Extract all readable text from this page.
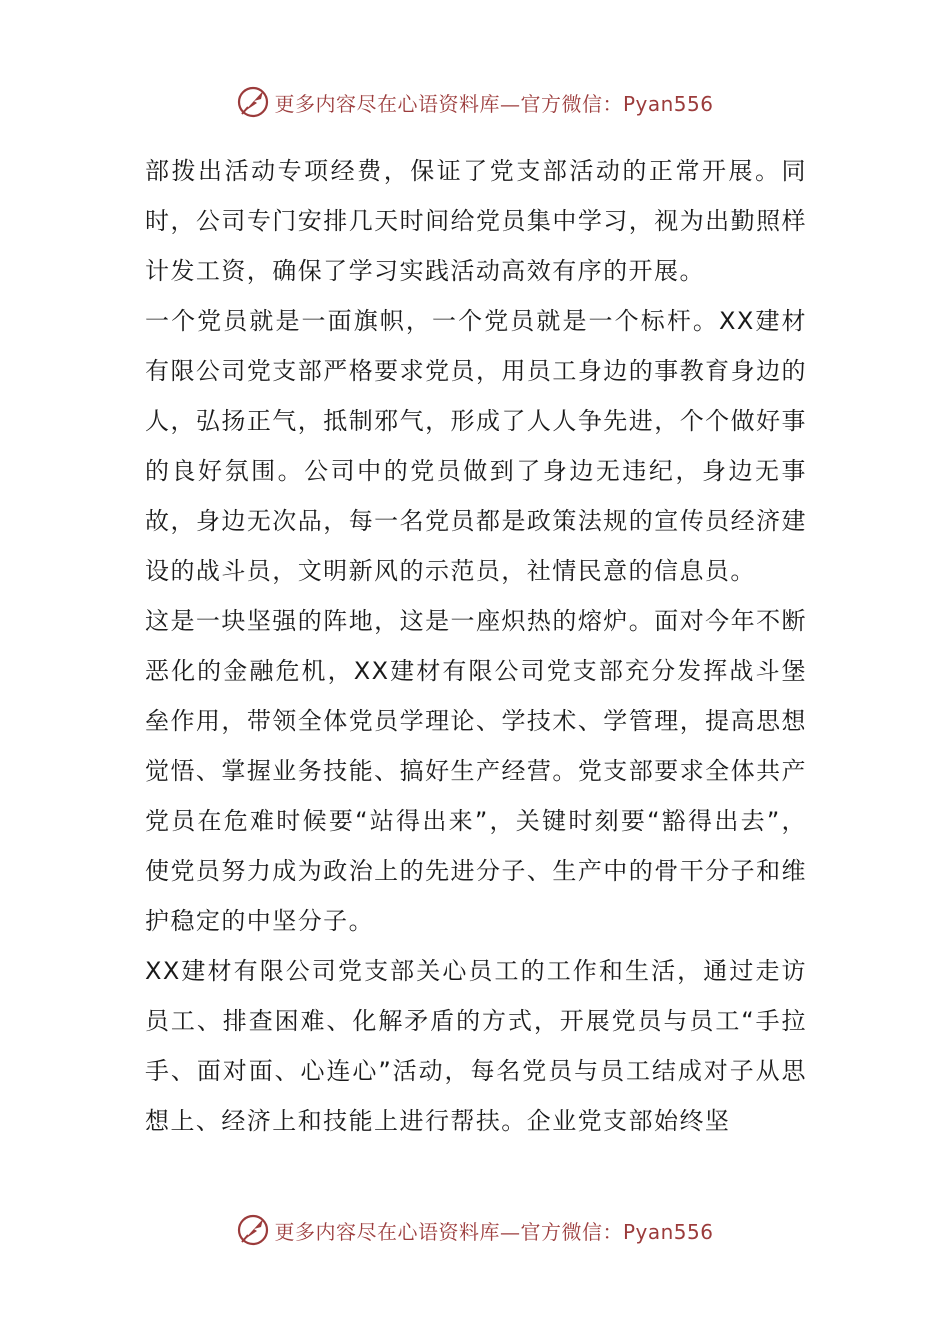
更多内容尽在心语资料库—官方微信：Pyan556

部拨出活动专项经费，保证了党支部活动的正常开展。同时，公司专门安排几天时间给党员集中学习，视为出勤照样计发工资，确保了学习实践活动高效有序的开展。

一个党员就是一面旗帜，一个党员就是一个标杆。XX建材有限公司党支部严格要求党员，用员工身边的事教育身边的人，弘扬正气，抵制邪气，形成了人人争先进，个个做好事的良好氛围。公司中的党员做到了身边无违纪，身边无事故，身边无次品，每一名党员都是政策法规的宣传员经济建设的战斗员，文明新风的示范员，社情民意的信息员。

这是一块坚强的阵地，这是一座炽热的熔炉。面对今年不断恶化的金融危机，XX建材有限公司党支部充分发挥战斗堡垒作用，带领全体党员学理论、学技术、学管理，提高思想觉悟、掌握业务技能、搞好生产经营。党支部要求全体共产党员在危难时候要“站得出来”，关键时刻要“豁得出去”，使党员努力成为政治上的先进分子、生产中的骨干分子和维护稳定的中坚分子。

XX建材有限公司党支部关心员工的工作和生活，通过走访员工、排查困难、化解矛盾的方式，开展党员与员工“手拉手、面对面、心连心”活动，每名党员与员工结成对子从思想上、经济上和技能上进行帮扶。企业党支部始终坚

更多内容尽在心语资料库—官方微信：Pyan556
